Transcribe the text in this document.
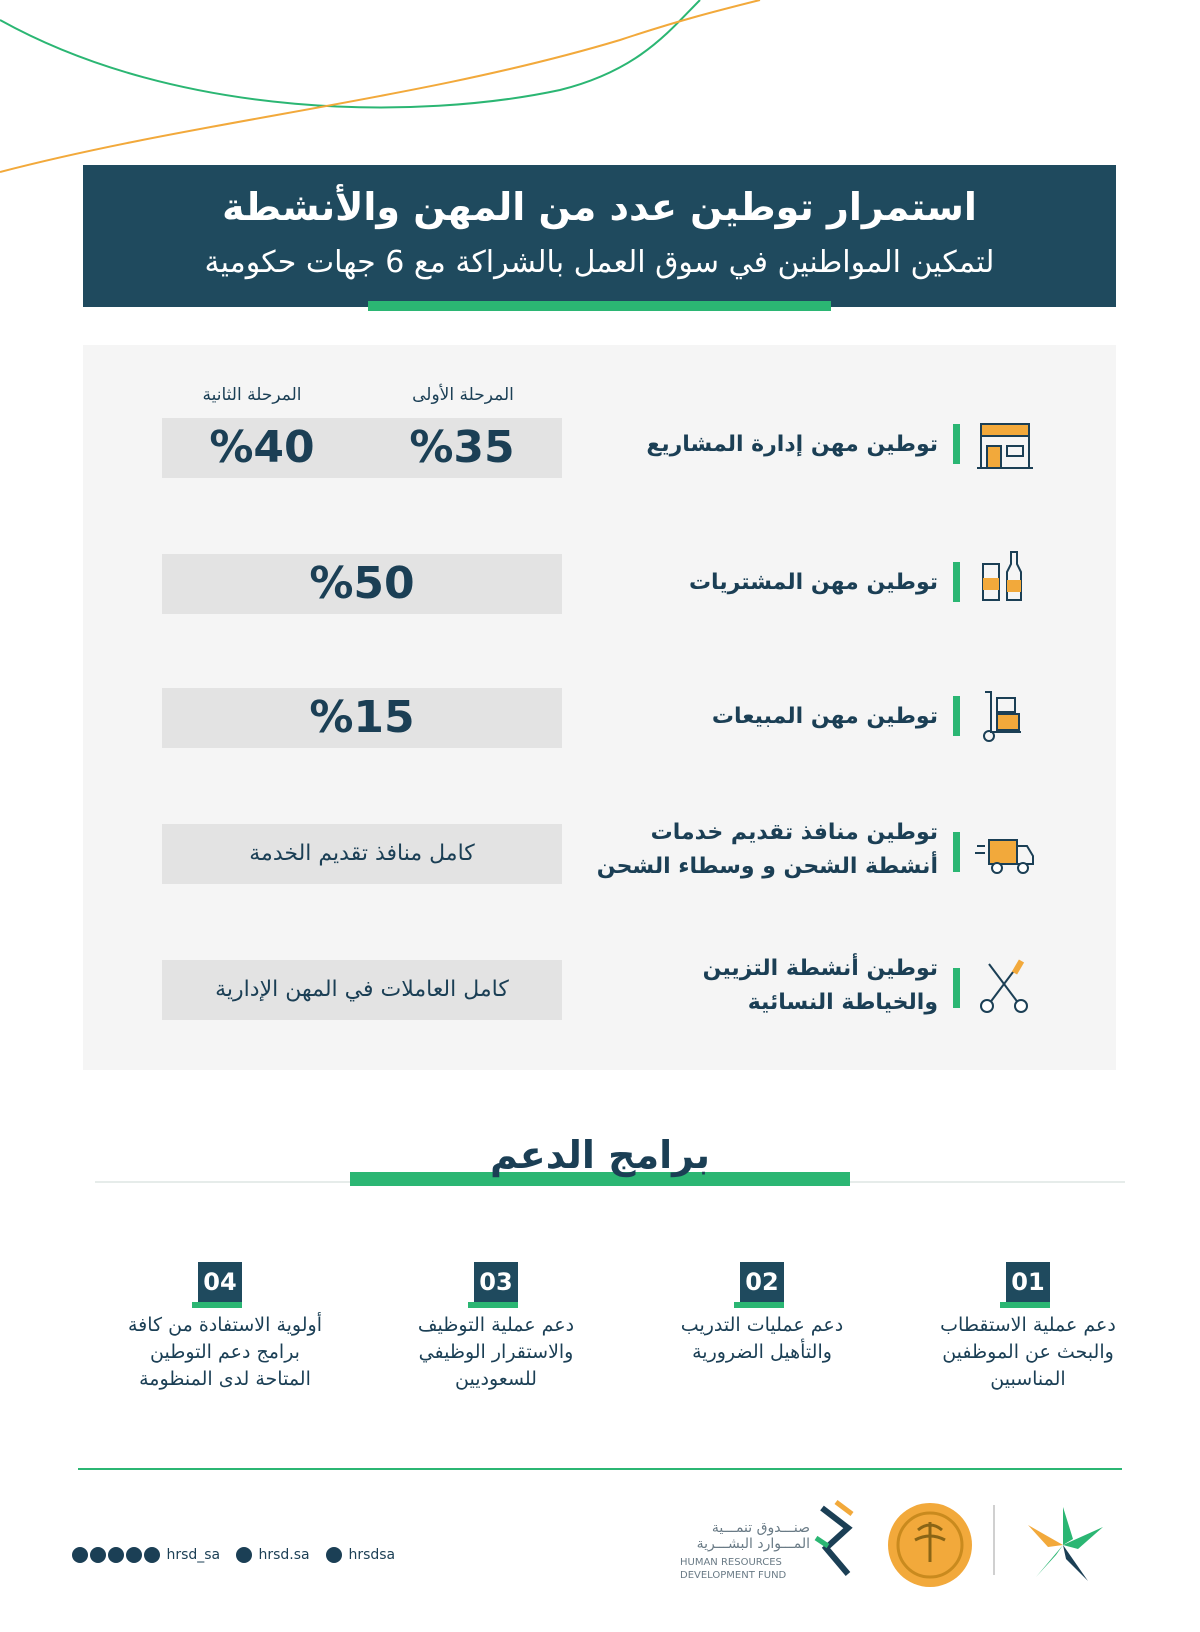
استمرار توطين عدد من المهن والأنشطة
لتمكين المواطنين في سوق العمل بالشراكة مع 6 جهات حكومية
المرحلة الأولى
المرحلة الثانية
توطين مهن إدارة المشاريع
%35
%40
توطين مهن المشتريات
%50
توطين مهن المبيعات
%15
توطين منافذ تقديم خدمات
أنشطة الشحن و وسطاء الشحن
كامل منافذ تقديم الخدمة
توطين أنشطة التزيين
والخياطة النسائية
كامل العاملات في المهن الإدارية
برامج الدعم
01
دعم عملية الاستقطاب
والبحث عن الموظفين
المناسبين
02
دعم عمليات التدريب
والتأهيل الضرورية
03
دعم عملية التوظيف
والاستقرار الوظيفي
للسعوديين
04
أولوية الاستفادة من كافة
برامج دعم التوطين
المتاحة لدى المنظومة
hrsd_sa	hrsd.sa	hrsdsa
صنـــدوق تنمـــية
المـــوارد البشـــرية
HUMAN RESOURCES
DEVELOPMENT FUND
